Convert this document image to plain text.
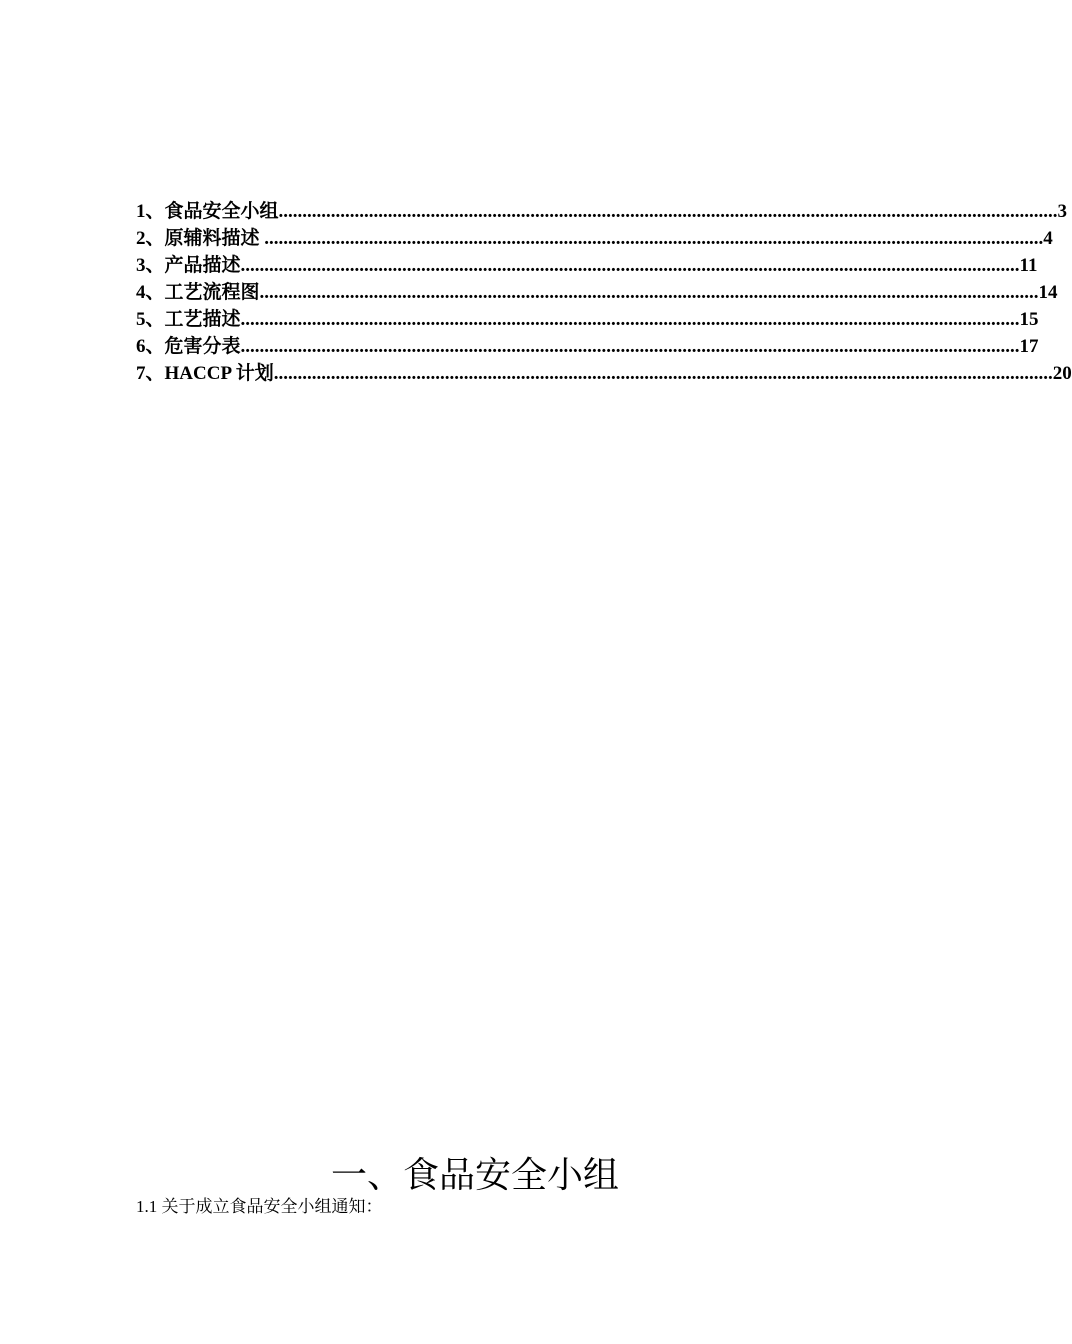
1、食品安全小组 .................................................................................................................................................................... 3
2、原辅料描述 .................................................................................................................................................................... 4
3、产品描述 .................................................................................................................................................................... 11
4、工艺流程图 .................................................................................................................................................................... 14
5、工艺描述 .................................................................................................................................................................... 15
6、危害分表 .................................................................................................................................................................... 17
7、HACCP 计划 .................................................................................................................................................................... 20
一、食品安全小组

1.1 关于成立食品安全小组通知：
